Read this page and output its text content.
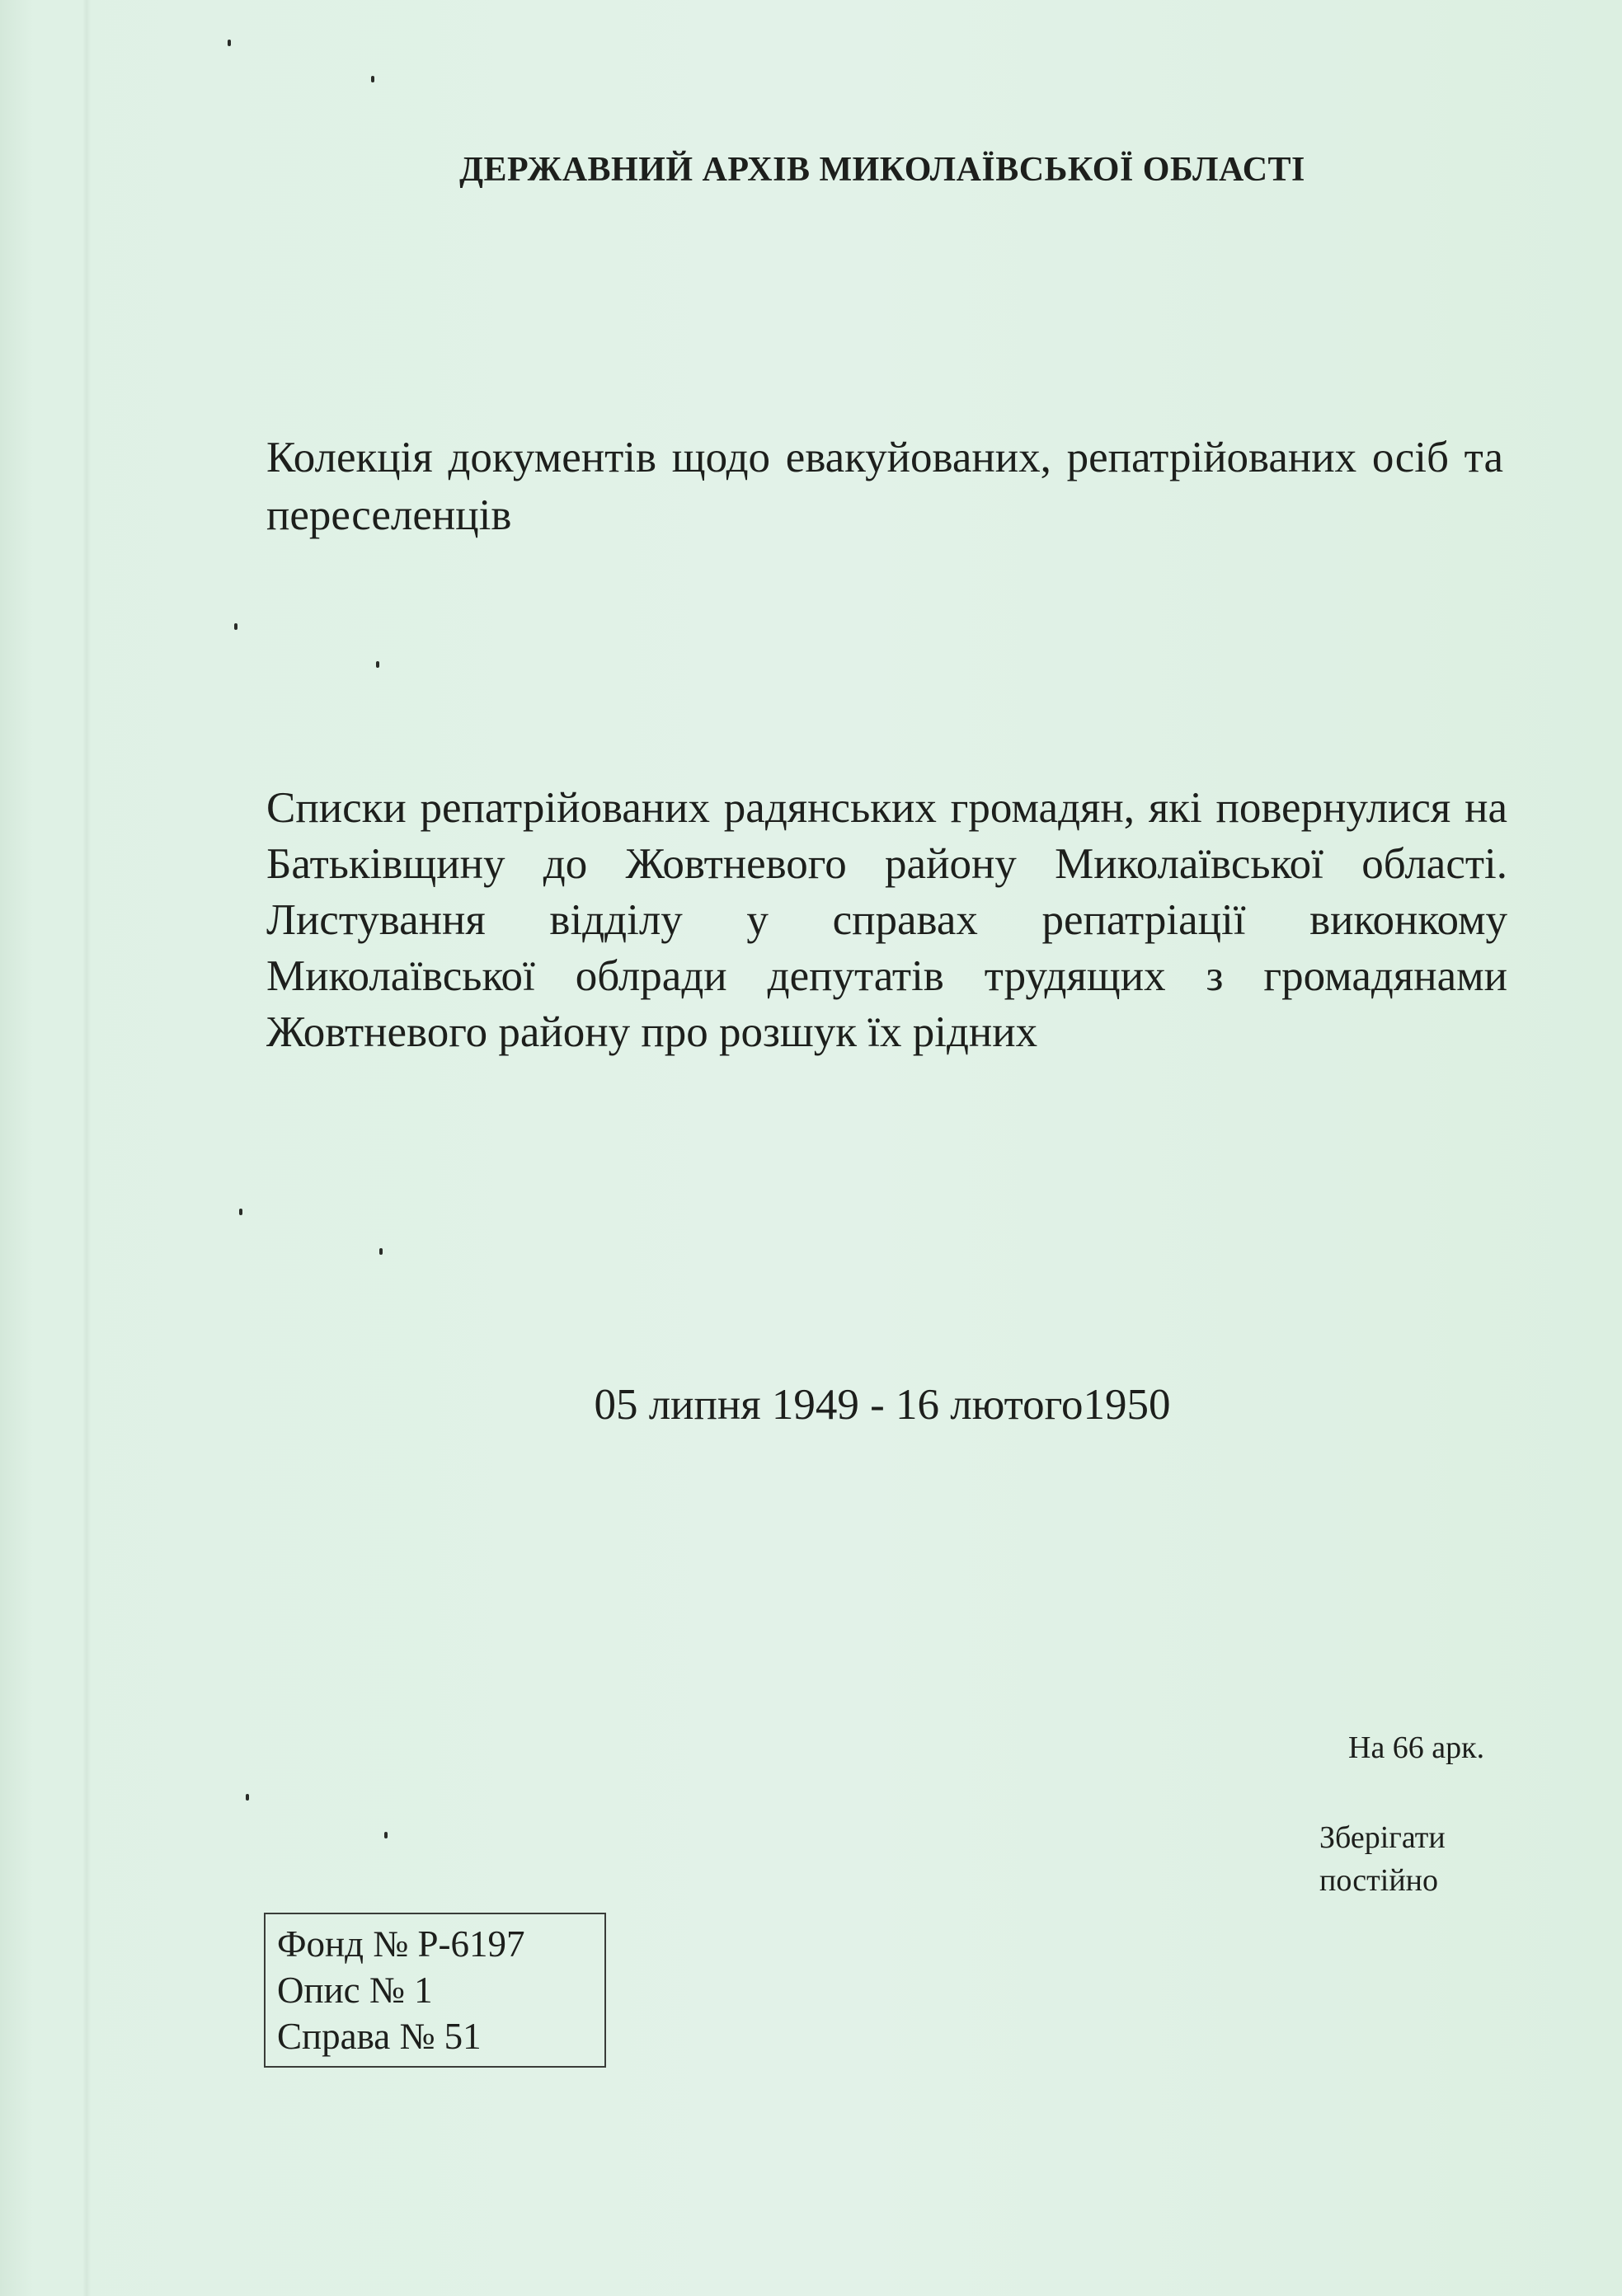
ДЕРЖАВНИЙ АРХІВ МИКОЛАЇВСЬКОЇ ОБЛАСТІ
Колекція документів щодо евакуйованих, репатрійованих осіб та переселенців
Списки репатрійованих радянських громадян, які повернулися на Батьківщину до Жовтневого району Миколаївської області. Листування відділу у справах репатріації виконкому Миколаївської облради депутатів трудящих з громадянами Жовтневого району про розшук їх рідних
05 липня 1949 - 16 лютого1950
На 66 арк.
Зберігати
постійно
Фонд № Р-6197
Опис № 1
Справа № 51
